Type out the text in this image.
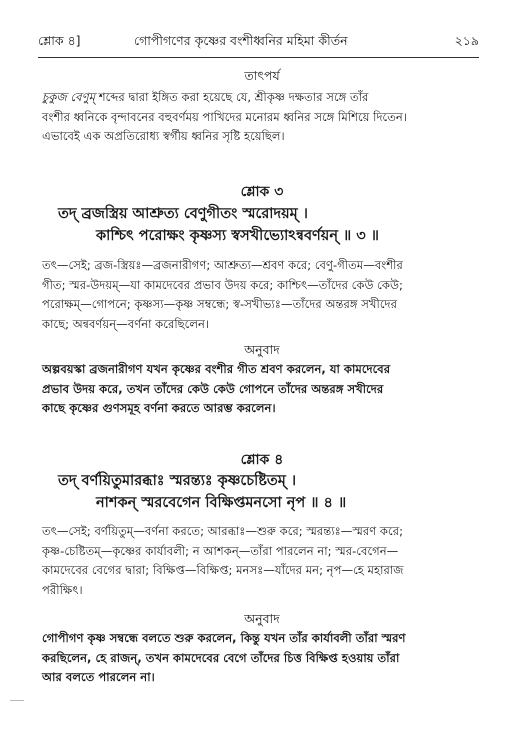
শ্লোক ৪]	গোপীগণের কৃষ্ণের বংশীধ্বনির মহিমা কীর্তন	২১৯
তাৎপর্য
চুকুজ বেণুম্ শব্দের দ্বারা ইঙ্গিত করা হয়েছে যে, শ্রীকৃষ্ণ দক্ষতার সঙ্গে তাঁর
বংশীর ধ্বনিকে বৃন্দাবনের বহুবর্ণময় পাখিদের মনোরম ধ্বনির সঙ্গে মিশিয়ে দিতেন।
এভাবেই এক অপ্রতিরোধ্য স্বর্গীয় ধ্বনির সৃষ্টি হয়েছিল।
শ্লোক ৩
তদ্ ব্রজস্ত্রিয় আশ্রুত্য বেণুগীতং স্মরোদয়ম্ ।
কাশ্চিৎ পরোক্ষং কৃষ্ণস্য স্বসখীভ্যোঽন্ববর্ণয়ন্ ॥ ৩ ॥
তৎ—সেই; ব্রজ-স্ত্রিয়ঃ—ব্রজনারীগণ; আশ্রুত্য—শ্রবণ করে; বেণু-গীতম—বংশীর
গীত; স্মর-উদয়ম্—যা কামদেবের প্রভাব উদয় করে; কাশ্চিৎ—তাঁদের কেউ কেউ;
পরোক্ষম্—গোপনে; কৃষ্ণস্য—কৃষ্ণ সম্বন্ধে; স্ব-সখীভ্যঃ—তাঁদের অন্তরঙ্গ সখীদের
কাছে; অন্ববর্ণয়ন্—বর্ণনা করেছিলেন।
অনুবাদ
অল্পবয়স্কা ব্রজনারীগণ যখন কৃষ্ণের বংশীর গীত শ্রবণ করলেন, যা কামদেবের
প্রভাব উদয় করে, তখন তাঁদের কেউ কেউ গোপনে তাঁদের অন্তরঙ্গ সখীদের
কাছে কৃষ্ণের গুণসমূহ বর্ণনা করতে আরম্ভ করলেন।
শ্লোক ৪
তদ্ বর্ণয়িতুমারব্ধাঃ স্মরন্ত্যঃ কৃষ্ণচেষ্টিতম্ ।
নাশকন্ স্মরবেগেন বিক্ষিপ্তমনসো নৃপ ॥ ৪ ॥
তৎ—সেই; বর্ণয়িতুম্—বর্ণনা করতে; আরব্ধাঃ—শুরু করে; স্মরন্ত্যঃ—স্মরণ করে;
কৃষ্ণ-চেষ্টিতম্—কৃষ্ণের কার্যাবলী; ন আশকন্—তাঁরা পারলেন না; স্মর-বেগেন—
কামদেবের বেগের দ্বারা; বিক্ষিপ্ত—বিক্ষিপ্ত; মনসঃ—যাঁদের মন; নৃপ—হে মহারাজ
পরীক্ষিৎ।
অনুবাদ
গোপীগণ কৃষ্ণ সম্বন্ধে বলতে শুরু করলেন, কিন্তু যখন তাঁর কার্যাবলী তাঁরা স্মরণ
করছিলেন, হে রাজন্, তখন কামদেবের বেগে তাঁদের চিত্ত বিক্ষিপ্ত হওয়ায় তাঁরা
আর বলতে পারলেন না।
